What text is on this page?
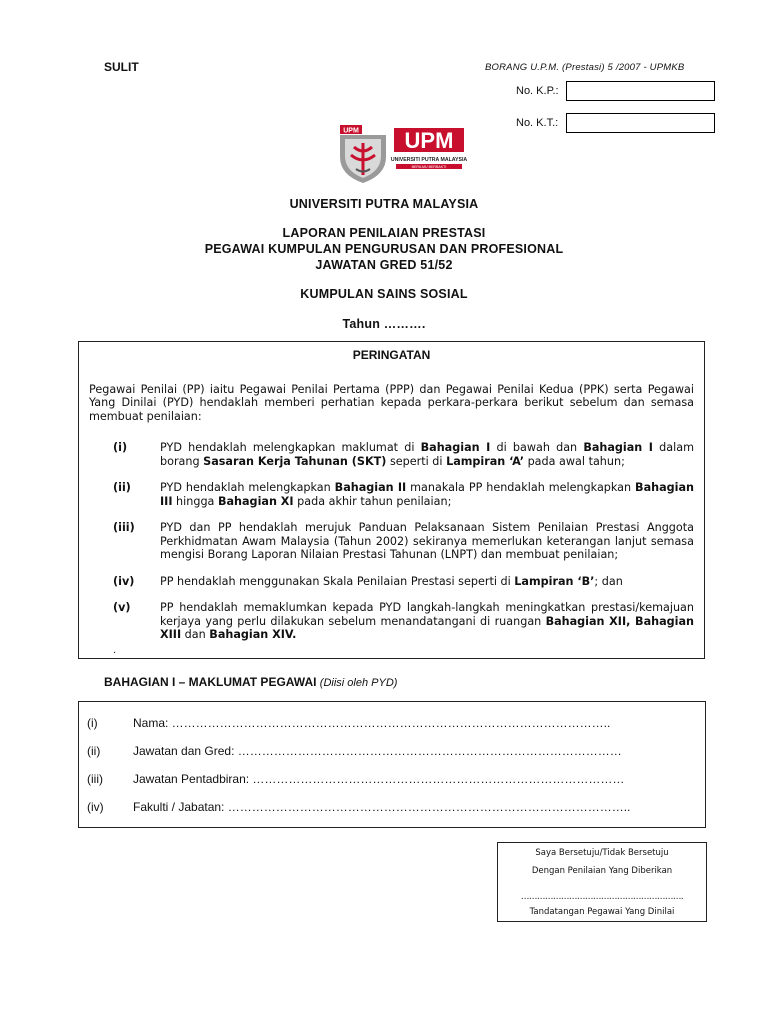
SULIT	BORANG U.P.M. (Prestasi) 5 /2007 - UPMKB
No. K.P.:
No. K.T.:
UPM UPM
UNIVERSITI PUTRA MALAYSIA
BERILMU BERBAKTI
UNIVERSITI PUTRA MALAYSIA
LAPORAN PENILAIAN PRESTASI
PEGAWAI KUMPULAN PENGURUSAN DAN PROFESIONAL
JAWATAN GRED 51/52
KUMPULAN SAINS SOSIAL
Tahun ……….
PERINGATAN
Pegawai Penilai (PP) iaitu Pegawai Penilai Pertama (PPP) dan Pegawai Penilai Kedua (PPK) serta Pegawai Yang Dinilai (PYD) hendaklah memberi perhatian kepada perkara-perkara berikut sebelum dan semasa membuat penilaian:
(i)	PYD hendaklah melengkapkan maklumat di Bahagian I di bawah dan Bahagian I dalam borang Sasaran Kerja Tahunan (SKT) seperti di Lampiran ‘A’ pada awal tahun;
(ii)	PYD hendaklah melengkapkan Bahagian II manakala PP hendaklah melengkapkan Bahagian III hingga Bahagian XI pada akhir tahun penilaian;
(iii)	PYD dan PP hendaklah merujuk Panduan Pelaksanaan Sistem Penilaian Prestasi Anggota Perkhidmatan Awam Malaysia (Tahun 2002) sekiranya memerlukan keterangan lanjut semasa mengisi Borang Laporan Nilaian Prestasi Tahunan (LNPT) dan membuat penilaian;
(iv)	PP hendaklah menggunakan Skala Penilaian Prestasi seperti di Lampiran ‘B’; dan
(v)	PP hendaklah memaklumkan kepada PYD langkah-langkah meningkatkan prestasi/kemajuan kerjaya yang perlu dilakukan sebelum menandatangani di ruangan Bahagian XII, Bahagian XIII dan Bahagian XIV.
.
BAHAGIAN I – MAKLUMAT PEGAWAI (Diisi oleh PYD)
(i)	Nama: ………………………………………………………………………………………………..
(ii)	Jawatan dan Gred: ……………………………………………………………………………………
(iii)	Jawatan Pentadbiran: …………………………………………………………………………………
(iv)	Fakulti / Jabatan: ………………………………………………………………………………………..
Saya Bersetuju/Tidak Bersetuju
Dengan Penilaian Yang Diberikan
…………………………………………………….
Tandatangan Pegawai Yang Dinilai
